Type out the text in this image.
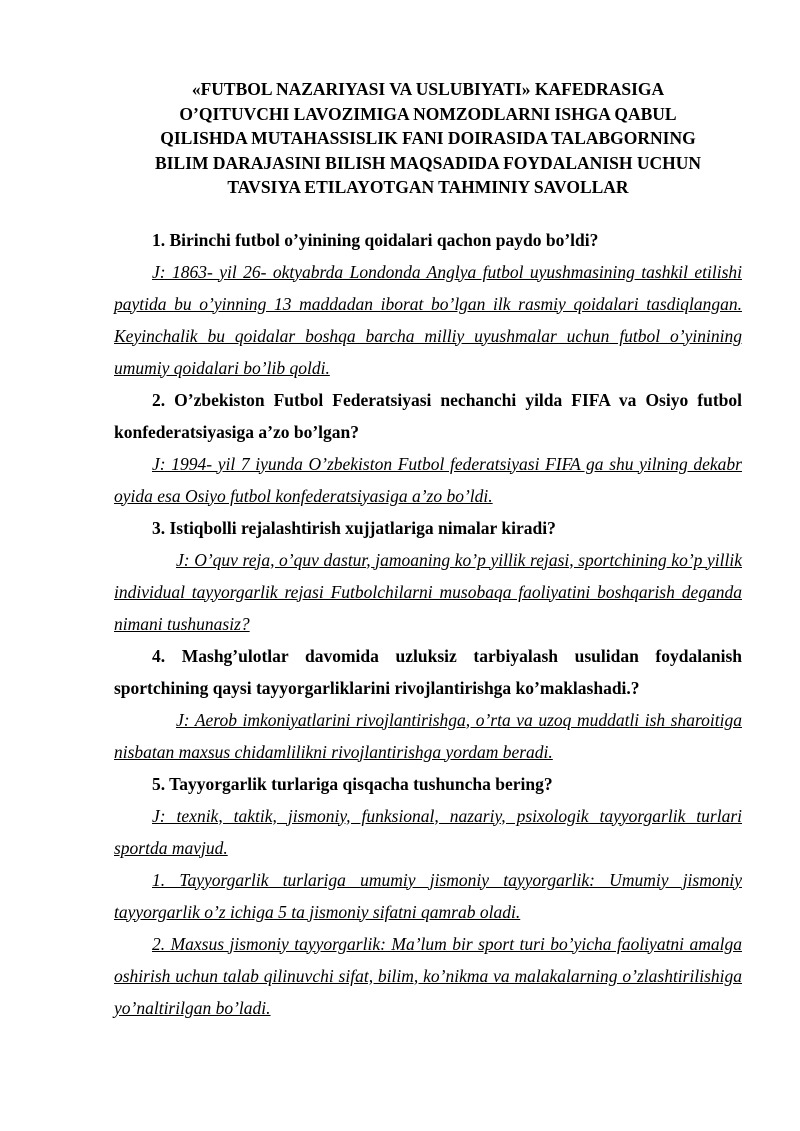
«FUTBOL NAZARIYASI VA USLUBIYATI» KAFEDRASIGA
O’QITUVCHI LAVOZIMIGA NOMZODLARNI ISHGA QABUL
QILISHDA MUTAHASSISLIK FANI DOIRASIDA TALABGORNING
BILIM DARAJASINI BILISH MAQSADIDA FOYDALANISH UCHUN
TAVSIYA ETILAYOTGAN TAHMINIY SAVOLLAR

1. Birinchi futbol o’yinining qoidalari qachon paydo bo’ldi?

J: 1863- yil 26- oktyabrda Londonda Anglya futbol uyushmasining tashkil etilishi paytida bu o’yinning 13 maddadan iborat bo’lgan ilk rasmiy qoidalari tasdiqlangan. Keyinchalik bu qoidalar boshqa barcha milliy uyushmalar uchun futbol o’yinining umumiy qoidalari bo’lib qoldi.

2. O’zbekiston Futbol Federatsiyasi nechanchi yilda FIFA va Osiyo futbol konfederatsiyasiga a’zo bo’lgan?

J: 1994- yil 7 iyunda O’zbekiston Futbol federatsiyasi FIFA ga shu yilning dekabr oyida esa Osiyo futbol konfederatsiyasiga a’zo bo’ldi.

3. Istiqbolli rejalashtirish xujjatlariga nimalar kiradi?

J: O’quv reja, o’quv dastur, jamoaning ko’p yillik rejasi, sportchining ko’p yillik individual tayyorgarlik rejasi Futbolchilarni musobaqa faoliyatini boshqarish deganda nimani tushunasiz?

4. Mashg’ulotlar davomida uzluksiz tarbiyalash usulidan foydalanish sportchining qaysi tayyorgarliklarini rivojlantirishga ko’maklashadi.?

J: Aerob imkoniyatlarini rivojlantirishga, o’rta va uzoq muddatli ish sharoitiga nisbatan maxsus chidamlilikni rivojlantirishga yordam beradi.

5. Tayyorgarlik turlariga qisqacha tushuncha bering?

J: texnik, taktik, jismoniy, funksional, nazariy, psixologik tayyorgarlik turlari sportda mavjud.

1. Tayyorgarlik turlariga umumiy jismoniy tayyorgarlik: Umumiy jismoniy tayyorgarlik o’z ichiga 5 ta jismoniy sifatni qamrab oladi.

2. Maxsus jismoniy tayyorgarlik: Ma’lum bir sport turi bo’yicha faoliyatni amalga oshirish uchun talab qilinuvchi sifat, bilim, ko’nikma va malakalarning o’zlashtirilishiga yo’naltirilgan bo’ladi.
